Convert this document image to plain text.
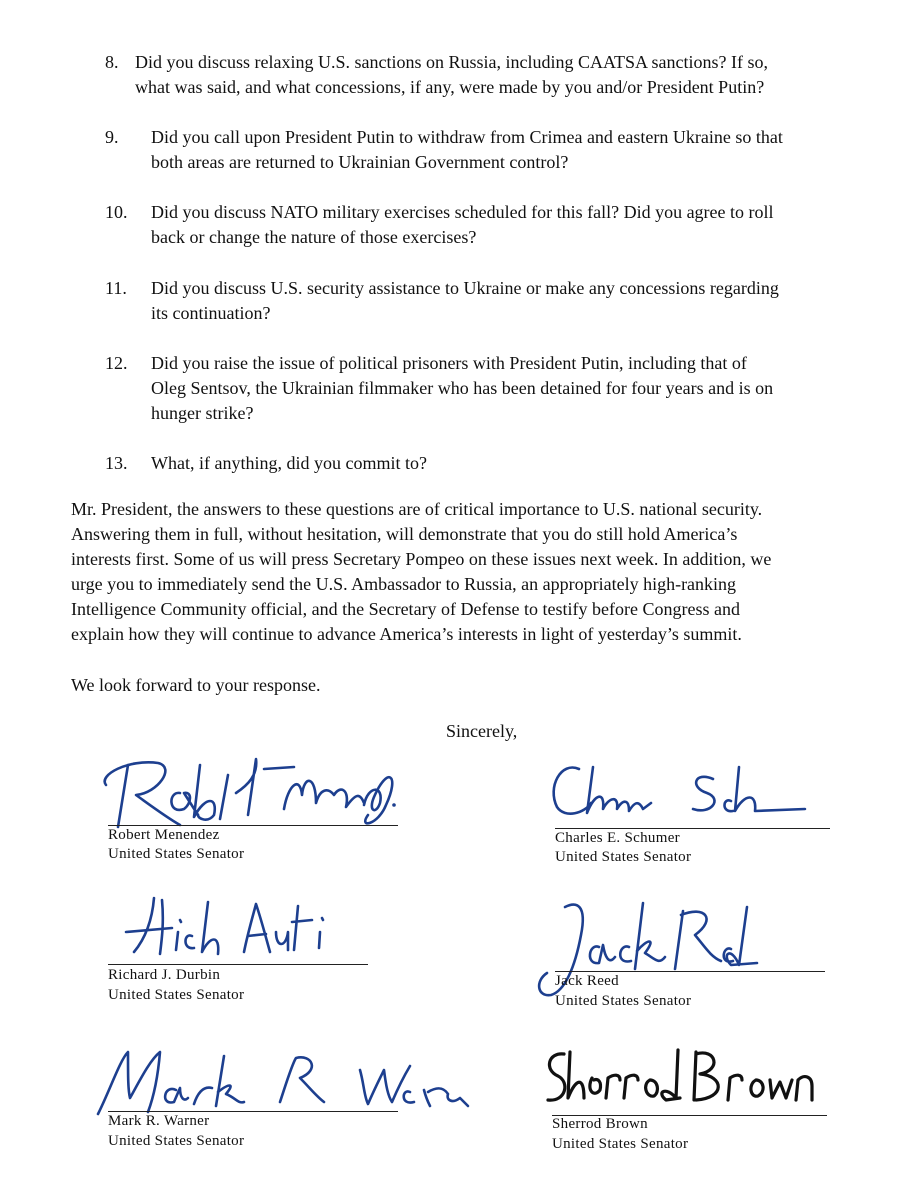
8. Did you discuss relaxing U.S. sanctions on Russia, including CAATSA sanctions? If so,
what was said, and what concessions, if any, were made by you and/or President Putin?
9. Did you call upon President Putin to withdraw from Crimea and eastern Ukraine so that
both areas are returned to Ukrainian Government control?
10. Did you discuss NATO military exercises scheduled for this fall? Did you agree to roll
back or change the nature of those exercises?
11. Did you discuss U.S. security assistance to Ukraine or make any concessions regarding
its continuation?
12. Did you raise the issue of political prisoners with President Putin, including that of
Oleg Sentsov, the Ukrainian filmmaker who has been detained for four years and is on
hunger strike?
13. What, if anything, did you commit to?
Mr. President, the answers to these questions are of critical importance to U.S. national security.
Answering them in full, without hesitation, will demonstrate that you do still hold America’s
interests first. Some of us will press Secretary Pompeo on these issues next week. In addition, we
urge you to immediately send the U.S. Ambassador to Russia, an appropriately high-ranking
Intelligence Community official, and the Secretary of Defense to testify before Congress and
explain how they will continue to advance America’s interests in light of yesterday’s summit.
We look forward to your response.
Sincerely,
Robert Menendez
United States Senator
Charles E. Schumer
United States Senator
Richard J. Durbin
United States Senator
Jack Reed
United States Senator
Mark R. Warner
United States Senator
Sherrod Brown
United States Senator
